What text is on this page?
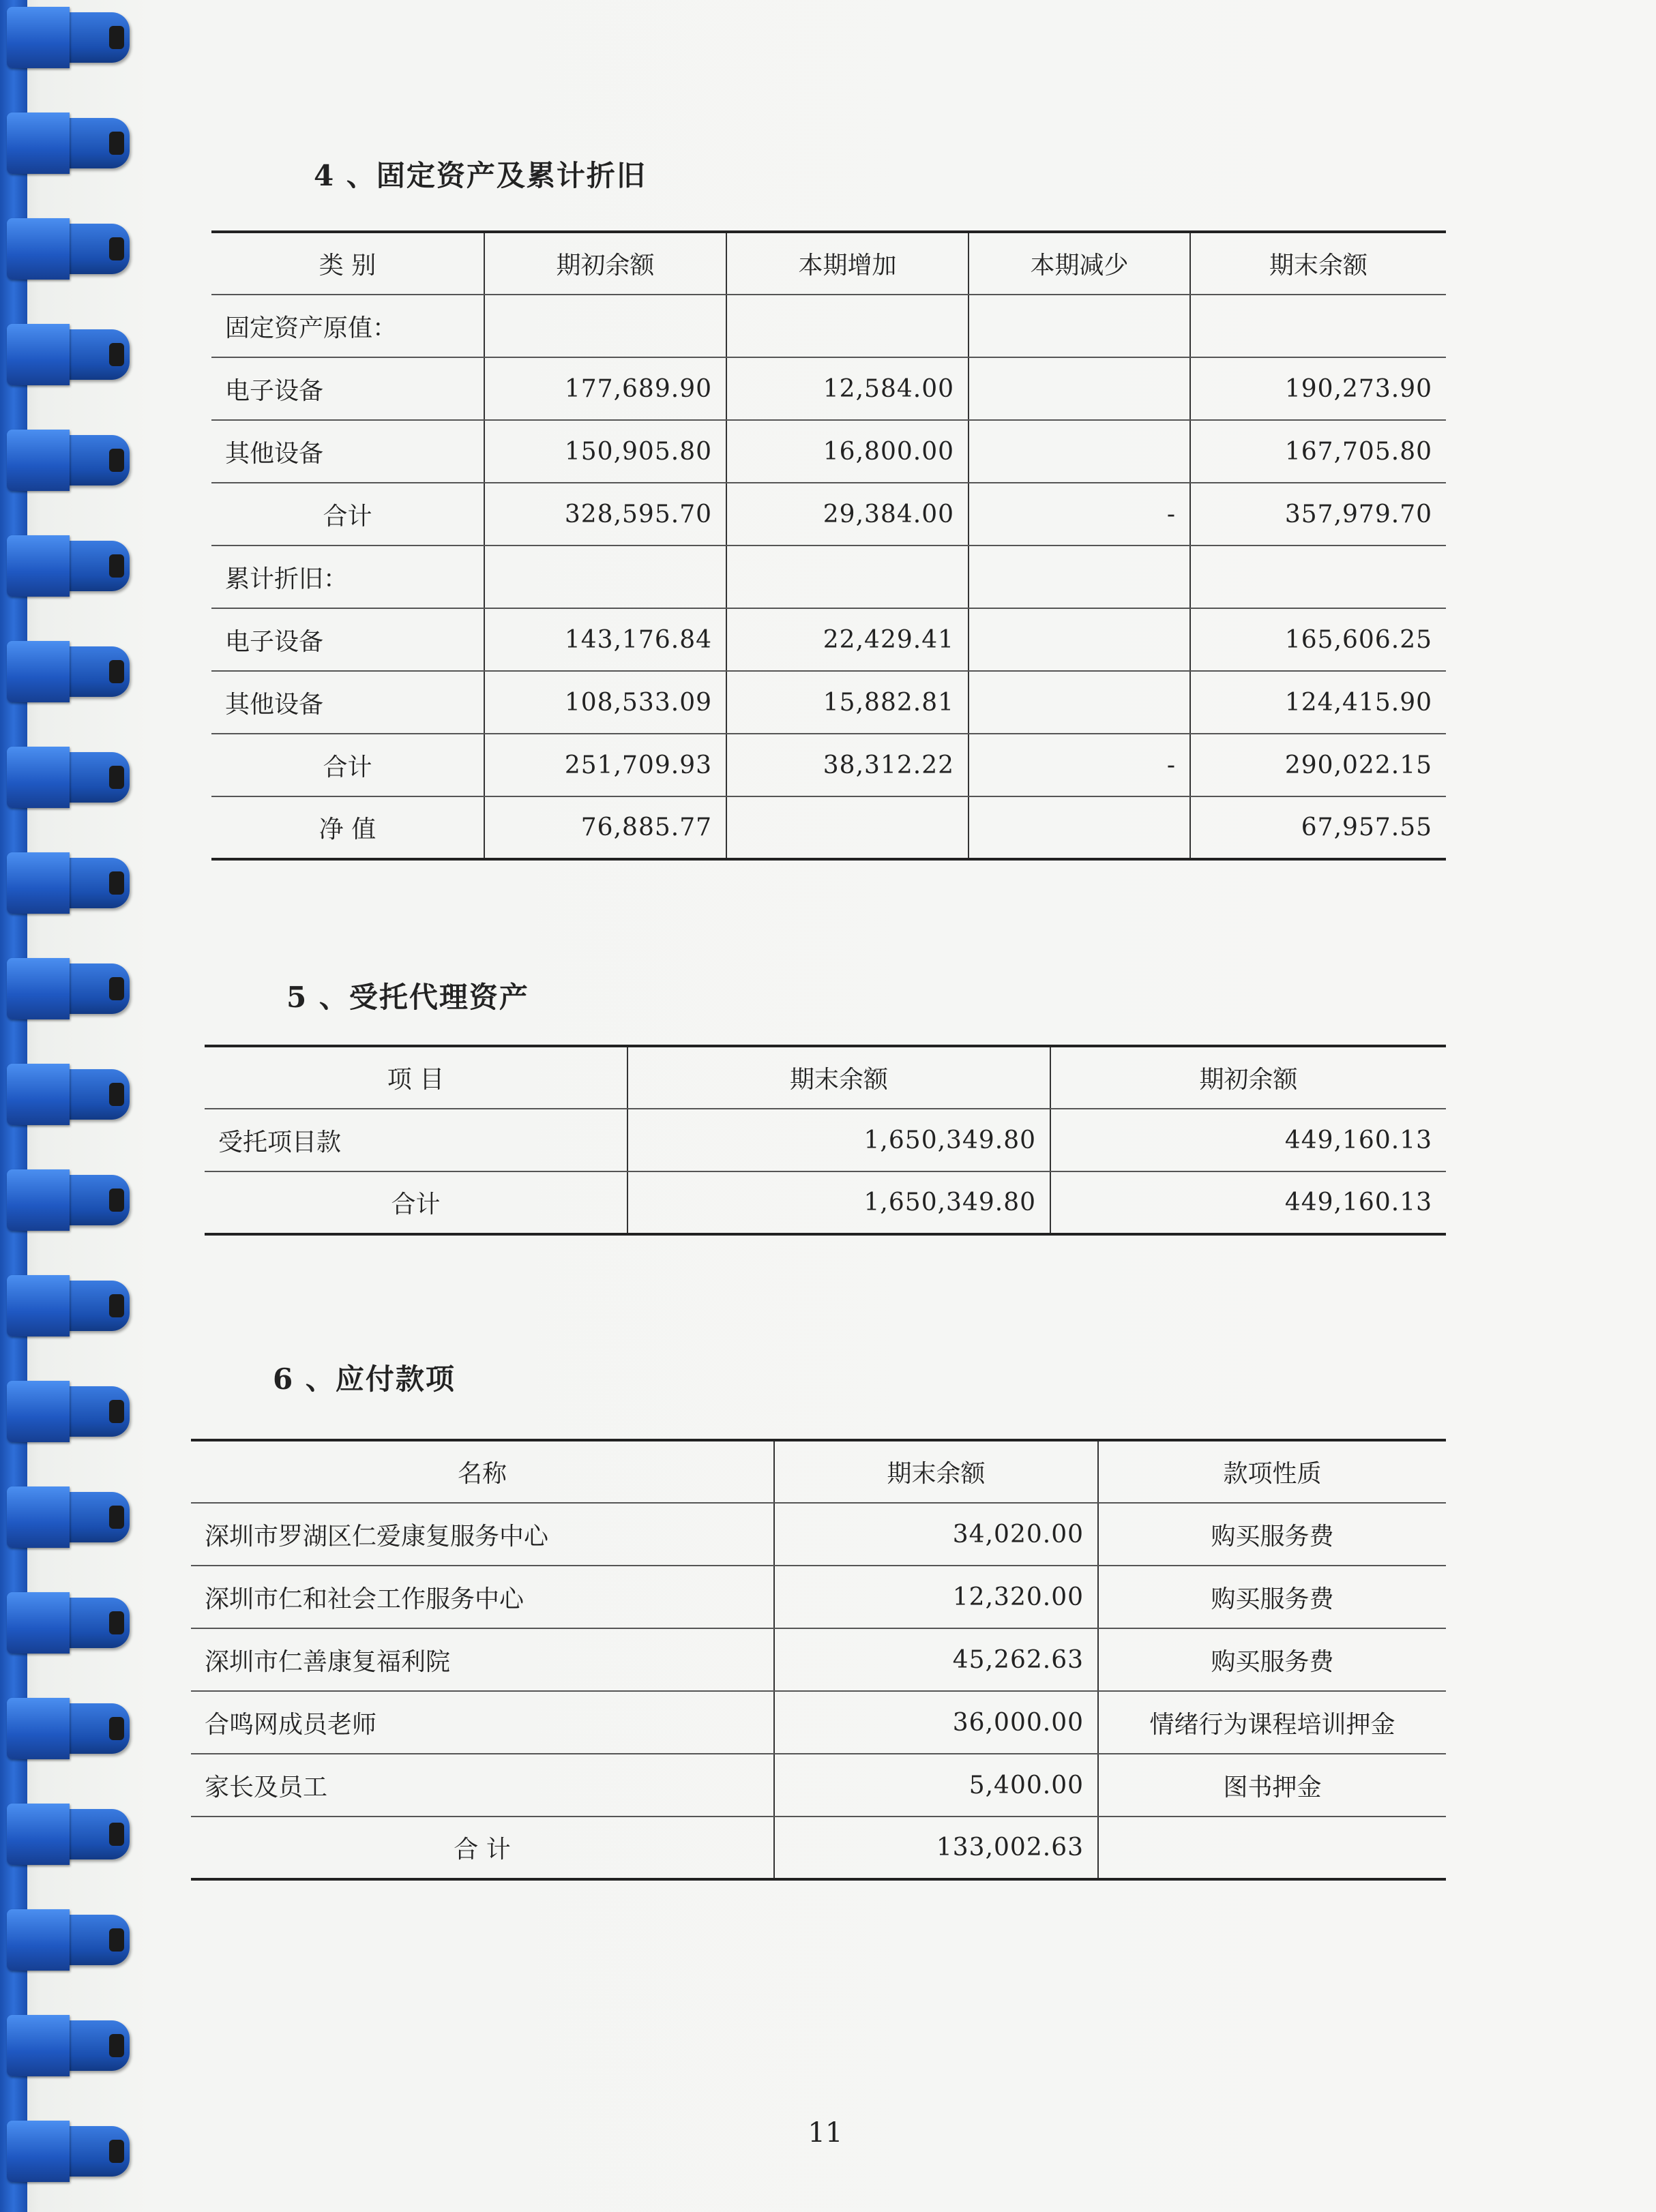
4 、固定资产及累计折旧
类 别	期初余额	本期增加	本期减少	期末余额
固定资产原值：				
电子设备	177,689.90	12,584.00		190,273.90
其他设备	150,905.80	16,800.00		167,705.80
合计	328,595.70	29,384.00	-	357,979.70
累计折旧：				
电子设备	143,176.84	22,429.41		165,606.25
其他设备	108,533.09	15,882.81		124,415.90
合计	251,709.93	38,312.22	-	290,022.15
净 值	76,885.77			67,957.55
5 、受托代理资产
项 目	期末余额	期初余额
受托项目款	1,650,349.80	449,160.13
合计	1,650,349.80	449,160.13
6 、应付款项
名称	期末余额	款项性质
深圳市罗湖区仁爱康复服务中心	34,020.00	购买服务费
深圳市仁和社会工作服务中心	12,320.00	购买服务费
深圳市仁善康复福利院	45,262.63	购买服务费
合鸣网成员老师	36,000.00	情绪行为课程培训押金
家长及员工	5,400.00	图书押金
合 计	133,002.63	
11
